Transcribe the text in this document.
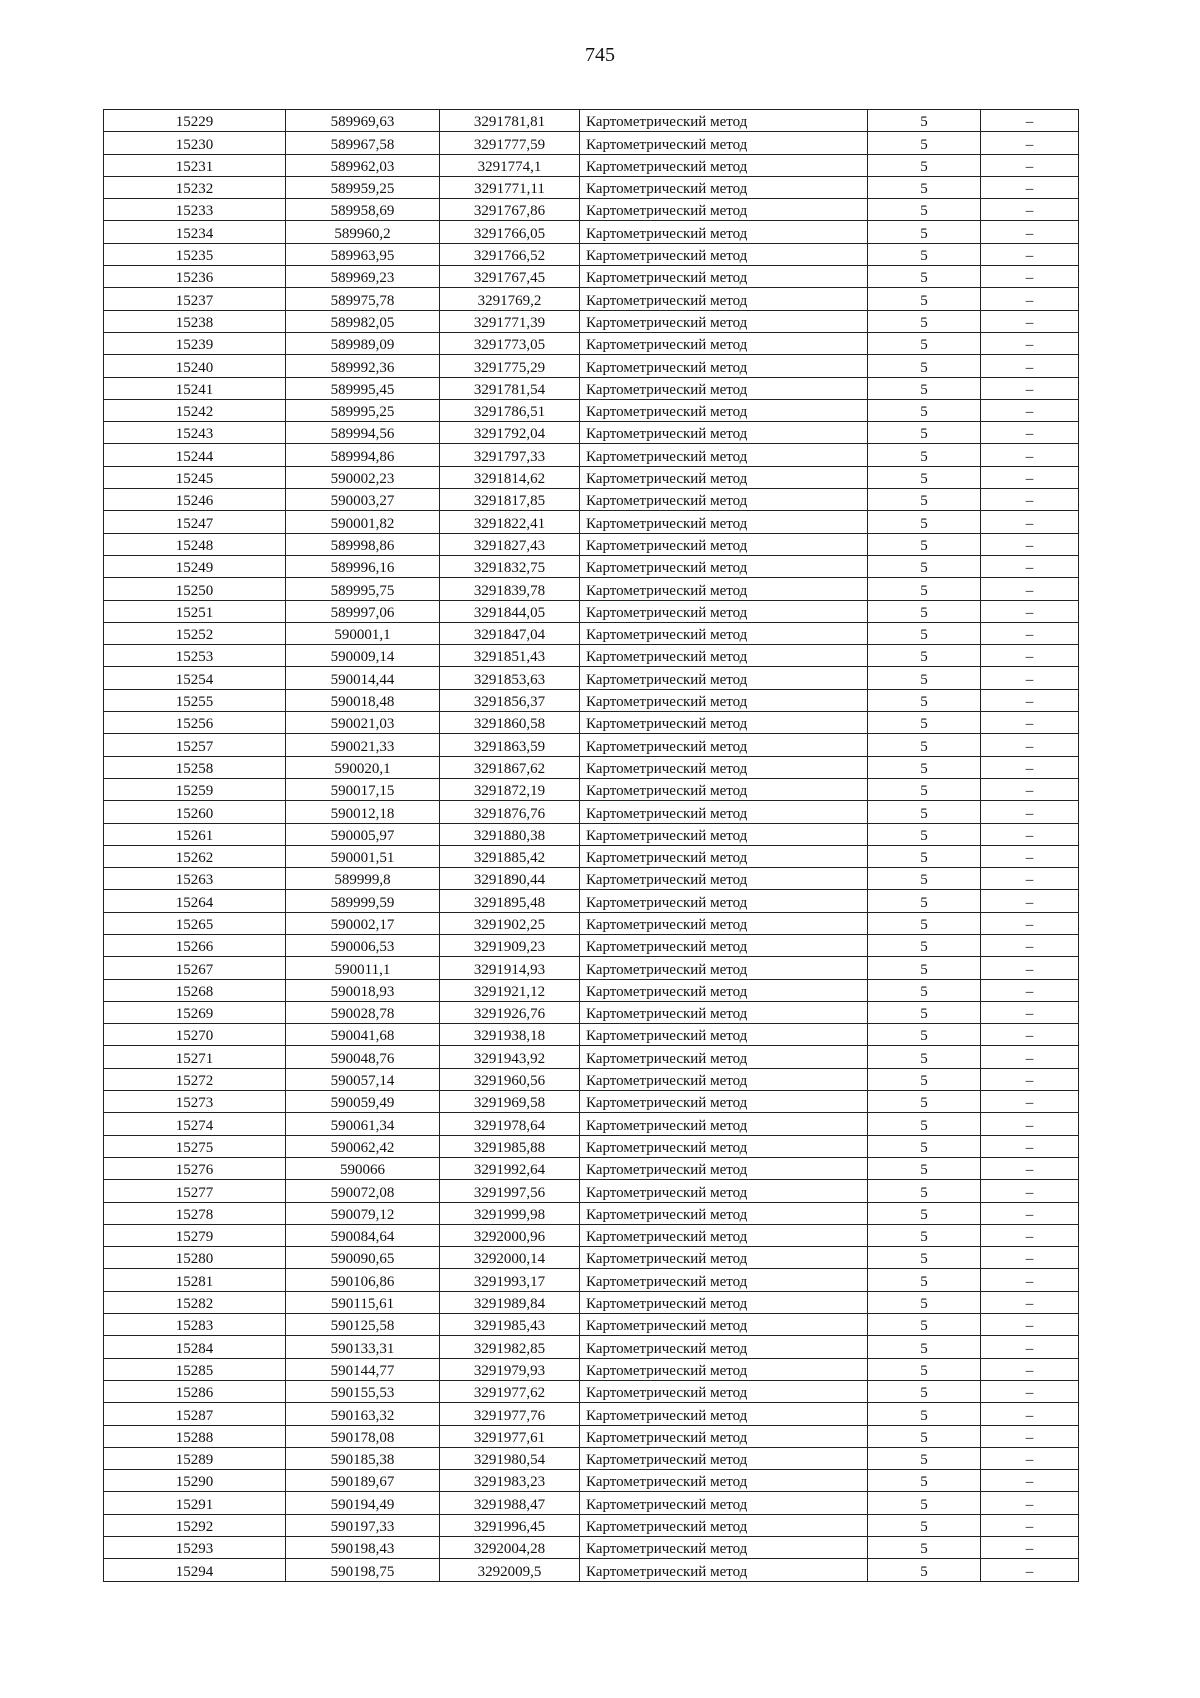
745
15229	589969,63	3291781,81	Картометрический метод	5	–
15230	589967,58	3291777,59	Картометрический метод	5	–
15231	589962,03	3291774,1	Картометрический метод	5	–
15232	589959,25	3291771,11	Картометрический метод	5	–
15233	589958,69	3291767,86	Картометрический метод	5	–
15234	589960,2	3291766,05	Картометрический метод	5	–
15235	589963,95	3291766,52	Картометрический метод	5	–
15236	589969,23	3291767,45	Картометрический метод	5	–
15237	589975,78	3291769,2	Картометрический метод	5	–
15238	589982,05	3291771,39	Картометрический метод	5	–
15239	589989,09	3291773,05	Картометрический метод	5	–
15240	589992,36	3291775,29	Картометрический метод	5	–
15241	589995,45	3291781,54	Картометрический метод	5	–
15242	589995,25	3291786,51	Картометрический метод	5	–
15243	589994,56	3291792,04	Картометрический метод	5	–
15244	589994,86	3291797,33	Картометрический метод	5	–
15245	590002,23	3291814,62	Картометрический метод	5	–
15246	590003,27	3291817,85	Картометрический метод	5	–
15247	590001,82	3291822,41	Картометрический метод	5	–
15248	589998,86	3291827,43	Картометрический метод	5	–
15249	589996,16	3291832,75	Картометрический метод	5	–
15250	589995,75	3291839,78	Картометрический метод	5	–
15251	589997,06	3291844,05	Картометрический метод	5	–
15252	590001,1	3291847,04	Картометрический метод	5	–
15253	590009,14	3291851,43	Картометрический метод	5	–
15254	590014,44	3291853,63	Картометрический метод	5	–
15255	590018,48	3291856,37	Картометрический метод	5	–
15256	590021,03	3291860,58	Картометрический метод	5	–
15257	590021,33	3291863,59	Картометрический метод	5	–
15258	590020,1	3291867,62	Картометрический метод	5	–
15259	590017,15	3291872,19	Картометрический метод	5	–
15260	590012,18	3291876,76	Картометрический метод	5	–
15261	590005,97	3291880,38	Картометрический метод	5	–
15262	590001,51	3291885,42	Картометрический метод	5	–
15263	589999,8	3291890,44	Картометрический метод	5	–
15264	589999,59	3291895,48	Картометрический метод	5	–
15265	590002,17	3291902,25	Картометрический метод	5	–
15266	590006,53	3291909,23	Картометрический метод	5	–
15267	590011,1	3291914,93	Картометрический метод	5	–
15268	590018,93	3291921,12	Картометрический метод	5	–
15269	590028,78	3291926,76	Картометрический метод	5	–
15270	590041,68	3291938,18	Картометрический метод	5	–
15271	590048,76	3291943,92	Картометрический метод	5	–
15272	590057,14	3291960,56	Картометрический метод	5	–
15273	590059,49	3291969,58	Картометрический метод	5	–
15274	590061,34	3291978,64	Картометрический метод	5	–
15275	590062,42	3291985,88	Картометрический метод	5	–
15276	590066	3291992,64	Картометрический метод	5	–
15277	590072,08	3291997,56	Картометрический метод	5	–
15278	590079,12	3291999,98	Картометрический метод	5	–
15279	590084,64	3292000,96	Картометрический метод	5	–
15280	590090,65	3292000,14	Картометрический метод	5	–
15281	590106,86	3291993,17	Картометрический метод	5	–
15282	590115,61	3291989,84	Картометрический метод	5	–
15283	590125,58	3291985,43	Картометрический метод	5	–
15284	590133,31	3291982,85	Картометрический метод	5	–
15285	590144,77	3291979,93	Картометрический метод	5	–
15286	590155,53	3291977,62	Картометрический метод	5	–
15287	590163,32	3291977,76	Картометрический метод	5	–
15288	590178,08	3291977,61	Картометрический метод	5	–
15289	590185,38	3291980,54	Картометрический метод	5	–
15290	590189,67	3291983,23	Картометрический метод	5	–
15291	590194,49	3291988,47	Картометрический метод	5	–
15292	590197,33	3291996,45	Картометрический метод	5	–
15293	590198,43	3292004,28	Картометрический метод	5	–
15294	590198,75	3292009,5	Картометрический метод	5	–
